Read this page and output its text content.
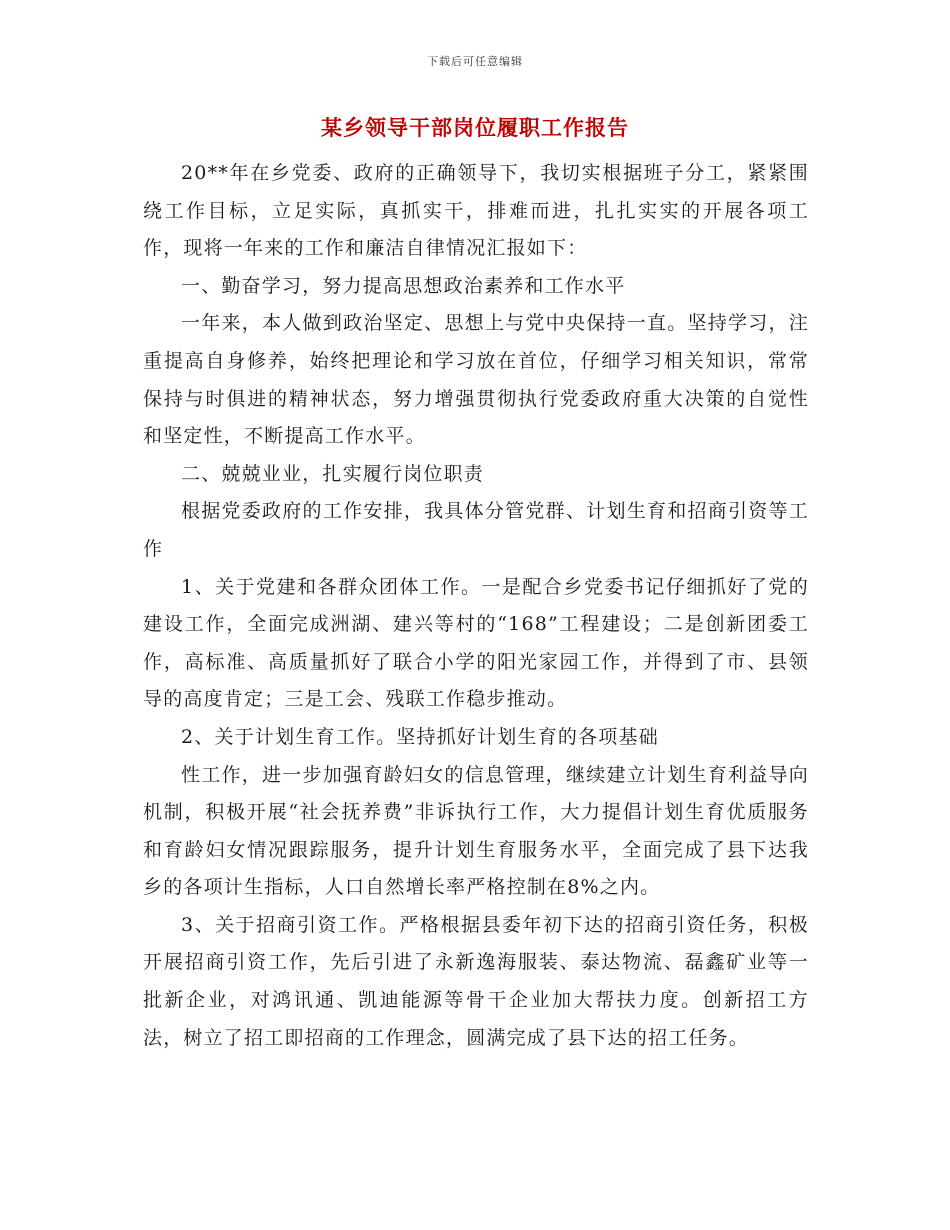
下载后可任意编辑
某乡领导干部岗位履职工作报告

20**年在乡党委、政府的正确领导下，我切实根据班子分工，紧紧围绕工作目标，立足实际，真抓实干，排难而进，扎扎实实的开展各项工作，现将一年来的工作和廉洁自律情况汇报如下：

一、勤奋学习，努力提高思想政治素养和工作水平

一年来，本人做到政治坚定、思想上与党中央保持一直。坚持学习，注重提高自身修养，始终把理论和学习放在首位，仔细学习相关知识，常常保持与时俱进的精神状态，努力增强贯彻执行党委政府重大决策的自觉性和坚定性，不断提高工作水平。

二、兢兢业业，扎实履行岗位职责

根据党委政府的工作安排，我具体分管党群、计划生育和招商引资等工作

1、关于党建和各群众团体工作。一是配合乡党委书记仔细抓好了党的建设工作，全面完成洲湖、建兴等村的“168”工程建设；二是创新团委工作，高标准、高质量抓好了联合小学的阳光家园工作，并得到了市、县领导的高度肯定；三是工会、残联工作稳步推动。

2、关于计划生育工作。坚持抓好计划生育的各项基础

性工作，进一步加强育龄妇女的信息管理，继续建立计划生育利益导向机制，积极开展“社会抚养费”非诉执行工作，大力提倡计划生育优质服务和育龄妇女情况跟踪服务，提升计划生育服务水平，全面完成了县下达我乡的各项计生指标，人口自然增长率严格控制在8%之内。

3、关于招商引资工作。严格根据县委年初下达的招商引资任务，积极开展招商引资工作，先后引进了永新逸海服装、泰达物流、磊鑫矿业等一批新企业，对鸿讯通、凯迪能源等骨干企业加大帮扶力度。创新招工方法，树立了招工即招商的工作理念，圆满完成了县下达的招工任务。
